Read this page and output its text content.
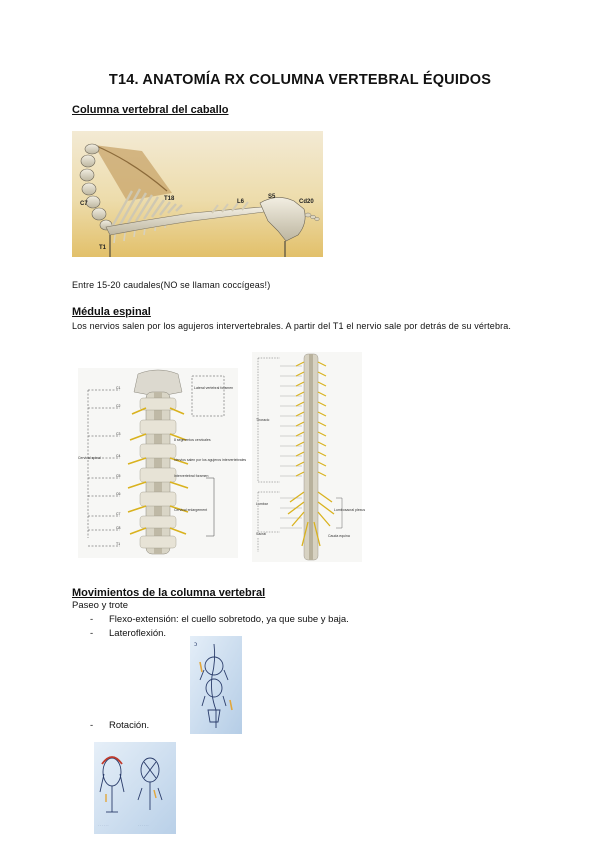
T14. ANATOMÍA RX COLUMNA VERTEBRAL ÉQUIDOS
Columna vertebral del caballo
C7
T1
T18	L6
S5
Cd20
Entre 15-20 caudales(NO se llaman coccígeas!)
Médula espinal
Los nervios salen por los agujeros intervertebrales. A partir del T1 el nervio sale por detrás de su vértebra.
Cervical spinal
C1
C2
C3
C4
C5
C6
C7
C8
T1
Lateral vertebral foramen
8 segmentos cervicales
Nervios salen por los agujeros intervertebrales
Intervertebral foramen
Cervical enlargement
Thoracic
Lumbar
Sacral
Lumbosacral plexus
Cauda equina
Movimientos de la columna vertebral
Paseo y trote
- Flexo-extensión: el cuello sobretodo, ya que sube y baja.
- Lateroflexión.
ↄ
- Rotación.
· · · · · ·	· · · · · ·
